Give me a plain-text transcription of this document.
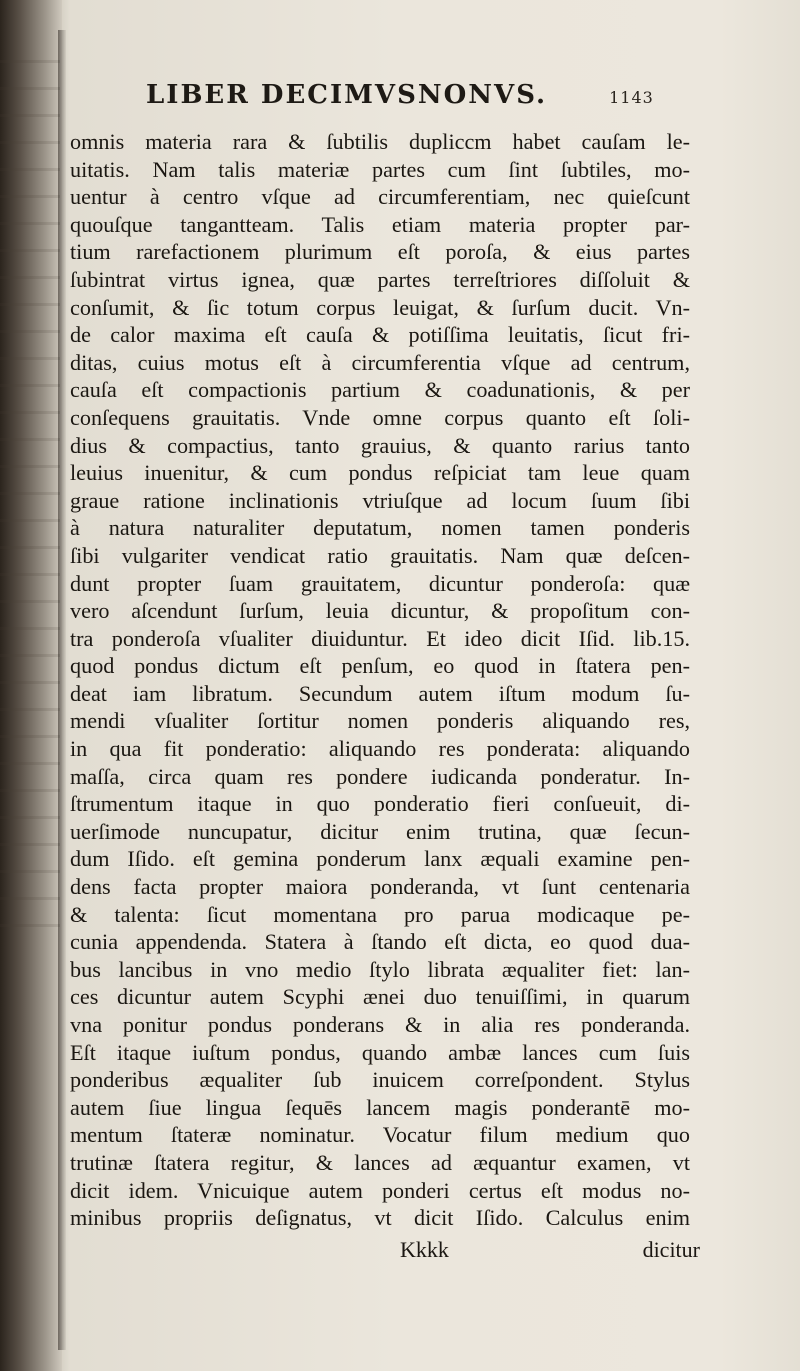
LIBER DECIMVSNONVS.	1143
omnis materia rara & ſubtilis dupliccm habet cauſam le-
uitatis. Nam talis materiæ partes cum ſint ſubtiles, mo-
uentur à centro vſque ad circumferentiam, nec quieſcunt
quouſque tangantteam. Talis etiam materia propter par-
tium rarefactionem plurimum eſt poroſa, & eius partes
ſubintrat virtus ignea, quæ partes terreſtriores diſſoluit &
conſumit, & ſic totum corpus leuigat, & ſurſum ducit. Vn-
de calor maxima eſt cauſa & potiſſima leuitatis, ſicut fri-
ditas, cuius motus eſt à circumferentia vſque ad centrum,
cauſa eſt compactionis partium & coadunationis, & per
conſequens grauitatis. Vnde omne corpus quanto eſt ſoli-
dius & compactius, tanto grauius, & quanto rarius tanto
leuius inuenitur, & cum pondus reſpiciat tam leue quam
graue ratione inclinationis vtriuſque ad locum ſuum ſibi
à natura naturaliter deputatum, nomen tamen ponderis
ſibi vulgariter vendicat ratio grauitatis. Nam quæ deſcen-
dunt propter ſuam grauitatem, dicuntur ponderoſa: quæ
vero aſcendunt ſurſum, leuia dicuntur, & propoſitum con-
tra ponderoſa vſualiter diuiduntur. Et ideo dicit Iſid. lib.15.
quod pondus dictum eſt penſum, eo quod in ſtatera pen-
deat iam libratum. Secundum autem iſtum modum ſu-
mendi vſualiter ſortitur nomen ponderis aliquando res,
in qua fit ponderatio: aliquando res ponderata: aliquando
maſſa, circa quam res pondere iudicanda ponderatur. In-
ſtrumentum itaque in quo ponderatio fieri conſueuit, di-
uerſimode nuncupatur, dicitur enim trutina, quæ ſecun-
dum Iſido. eſt gemina ponderum lanx æquali examine pen-
dens facta propter maiora ponderanda, vt ſunt centenaria
& talenta: ſicut momentana pro parua modicaque pe-
cunia appendenda. Statera à ſtando eſt dicta, eo quod dua-
bus lancibus in vno medio ſtylo librata æqualiter fiet: lan-
ces dicuntur autem Scyphi ænei duo tenuiſſimi, in quarum
vna ponitur pondus ponderans & in alia res ponderanda.
Eſt itaque iuſtum pondus, quando ambæ lances cum ſuis
ponderibus æqualiter ſub inuicem correſpondent. Stylus
autem ſiue lingua ſequēs lancem magis ponderantē mo-
mentum ſtateræ nominatur. Vocatur filum medium quo
trutinæ ſtatera regitur, & lances ad æquantur examen, vt
dicit idem. Vnicuique autem ponderi certus eſt modus no-
minibus propriis deſignatus, vt dicit Iſido. Calculus enim
Kkkk	dicitur
